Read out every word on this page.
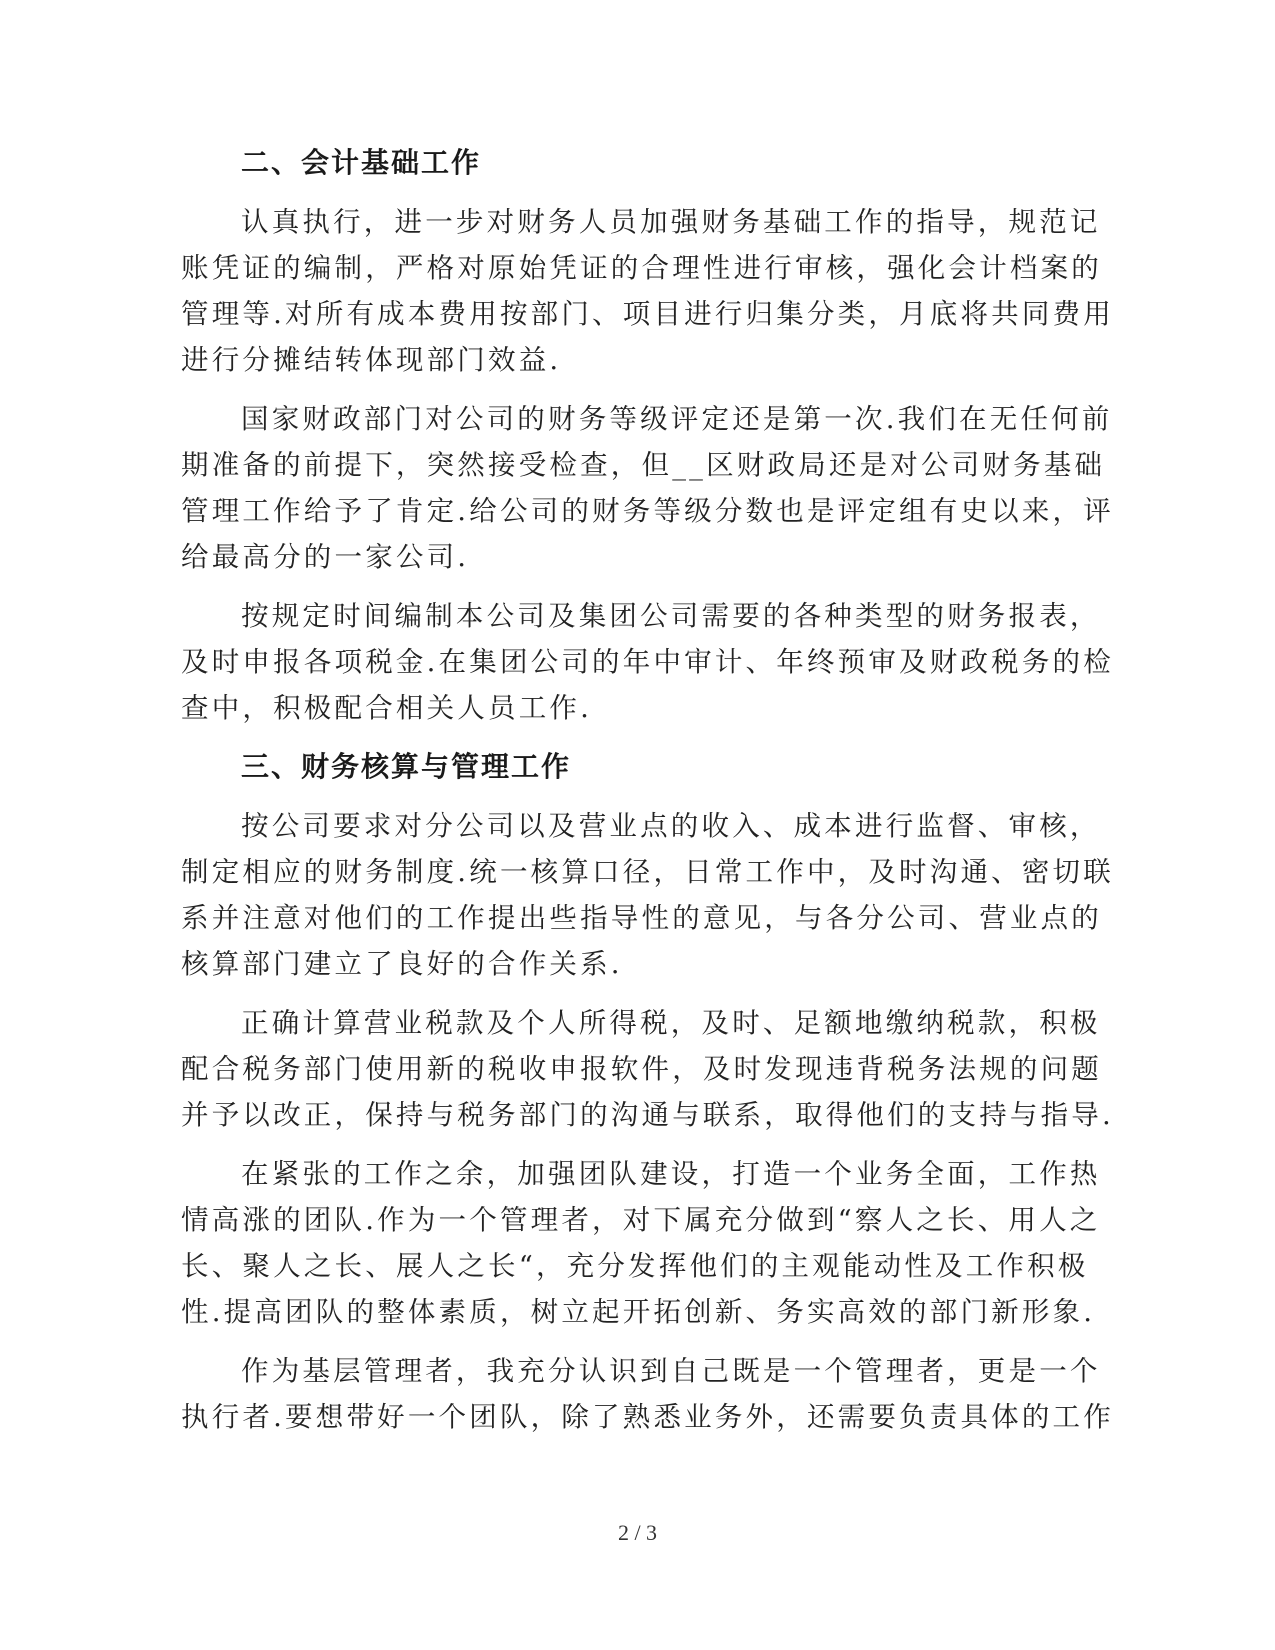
二、会计基础工作

认真执行，进一步对财务人员加强财务基础工作的指导，规范记
账凭证的编制，严格对原始凭证的合理性进行审核，强化会计档案的
管理等.对所有成本费用按部门、项目进行归集分类，月底将共同费用
进行分摊结转体现部门效益.

国家财政部门对公司的财务等级评定还是第一次.我们在无任何前
期准备的前提下，突然接受检查，但__区财政局还是对公司财务基础
管理工作给予了肯定.给公司的财务等级分数也是评定组有史以来，评
给最高分的一家公司.

按规定时间编制本公司及集团公司需要的各种类型的财务报表，
及时申报各项税金.在集团公司的年中审计、年终预审及财政税务的检
查中，积极配合相关人员工作.

三、财务核算与管理工作

按公司要求对分公司以及营业点的收入、成本进行监督、审核，
制定相应的财务制度.统一核算口径，日常工作中，及时沟通、密切联
系并注意对他们的工作提出些指导性的意见，与各分公司、营业点的
核算部门建立了良好的合作关系.

正确计算营业税款及个人所得税，及时、足额地缴纳税款，积极
配合税务部门使用新的税收申报软件，及时发现违背税务法规的问题
并予以改正，保持与税务部门的沟通与联系，取得他们的支持与指导.

在紧张的工作之余，加强团队建设，打造一个业务全面，工作热
情高涨的团队.作为一个管理者，对下属充分做到“察人之长、用人之
长、聚人之长、展人之长“，充分发挥他们的主观能动性及工作积极
性.提高团队的整体素质，树立起开拓创新、务实高效的部门新形象.

作为基层管理者，我充分认识到自己既是一个管理者，更是一个
执行者.要想带好一个团队，除了熟悉业务外，还需要负责具体的工作

2 / 3
